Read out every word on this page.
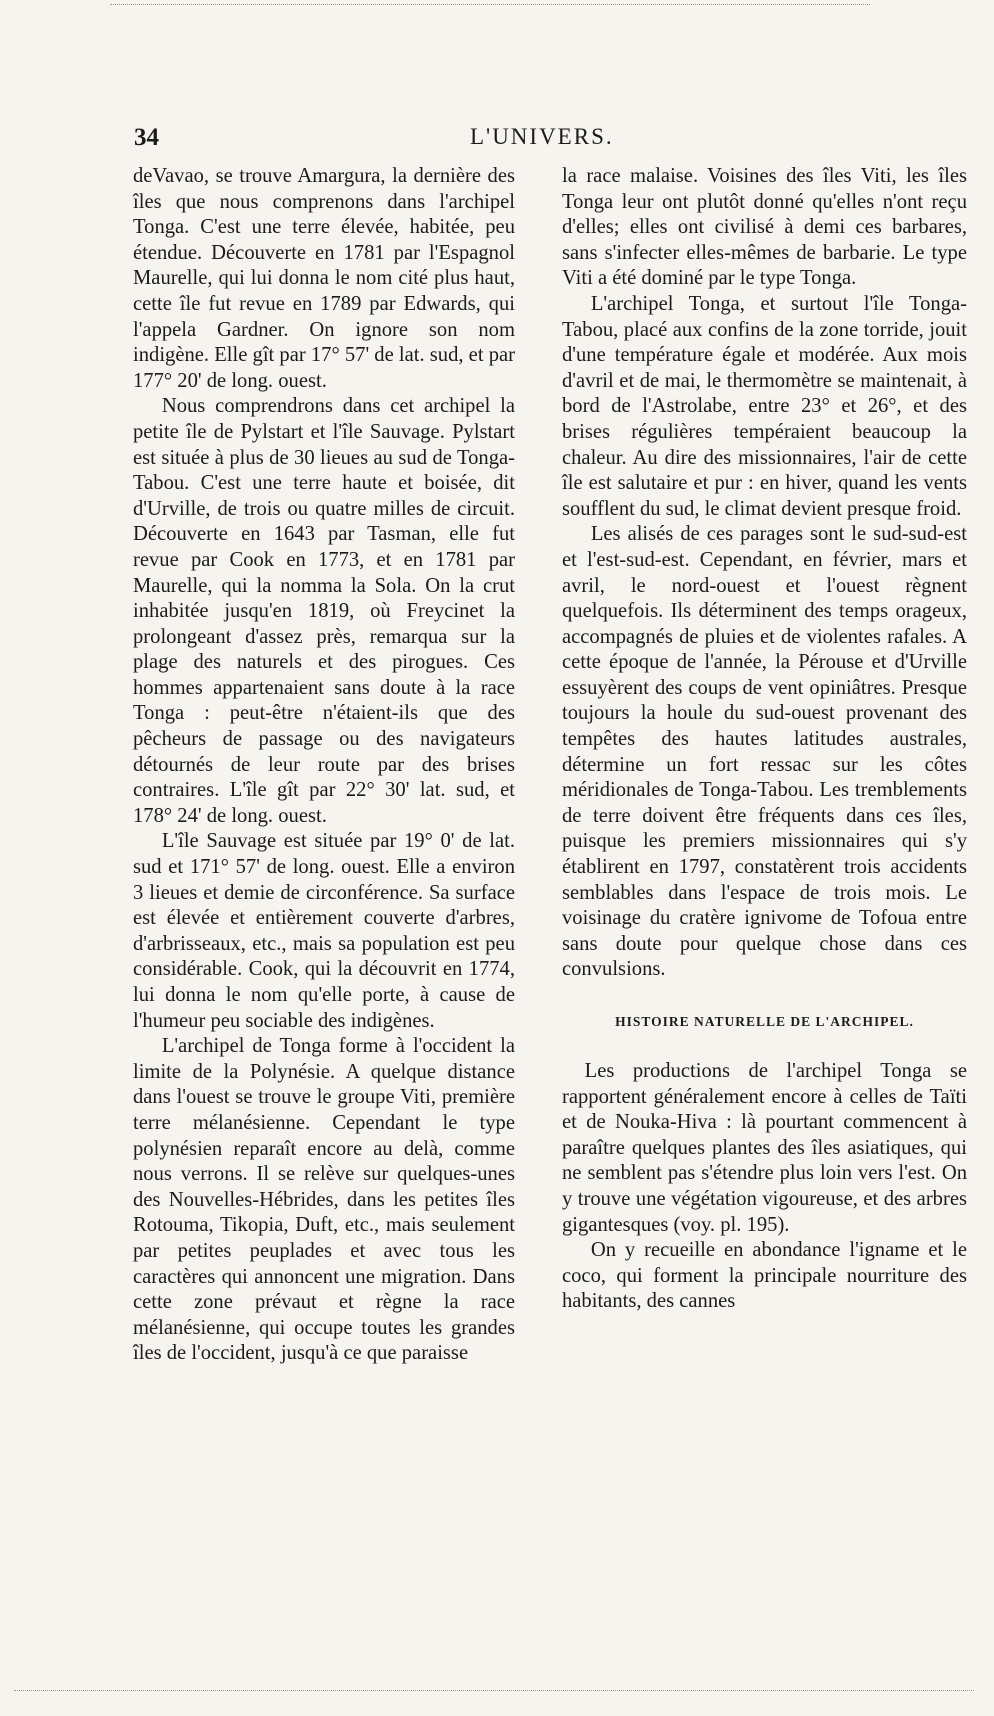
34	L'UNIVERS.

deVavao, se trouve Amargura, la dernière des îles que nous comprenons dans l'archipel Tonga. C'est une terre élevée, habitée, peu étendue. Découverte en 1781 par l'Espagnol Maurelle, qui lui donna le nom cité plus haut, cette île fut revue en 1789 par Edwards, qui l'appela Gardner. On ignore son nom indigène. Elle gît par 17° 57' de lat. sud, et par 177° 20' de long. ouest.

Nous comprendrons dans cet archipel la petite île de Pylstart et l'île Sauvage. Pylstart est située à plus de 30 lieues au sud de Tonga-Tabou. C'est une terre haute et boisée, dit d'Urville, de trois ou quatre milles de circuit. Découverte en 1643 par Tasman, elle fut revue par Cook en 1773, et en 1781 par Maurelle, qui la nomma la Sola. On la crut inhabitée jusqu'en 1819, où Freycinet la prolongeant d'assez près, remarqua sur la plage des naturels et des pirogues. Ces hommes appartenaient sans doute à la race Tonga : peut-être n'étaient-ils que des pêcheurs de passage ou des navigateurs détournés de leur route par des brises contraires. L'île gît par 22° 30' lat. sud, et 178° 24' de long. ouest.

L'île Sauvage est située par 19° 0' de lat. sud et 171° 57' de long. ouest. Elle a environ 3 lieues et demie de circonférence. Sa surface est élevée et entièrement couverte d'arbres, d'arbrisseaux, etc., mais sa population est peu considérable. Cook, qui la découvrit en 1774, lui donna le nom qu'elle porte, à cause de l'humeur peu sociable des indigènes.

L'archipel de Tonga forme à l'occident la limite de la Polynésie. A quelque distance dans l'ouest se trouve le groupe Viti, première terre mélanésienne. Cependant le type polynésien reparaît encore au delà, comme nous verrons. Il se relève sur quelques-unes des Nouvelles-Hébrides, dans les petites îles Rotouma, Tikopia, Duft, etc., mais seulement par petites peuplades et avec tous les caractères qui annoncent une migration. Dans cette zone prévaut et règne la race mélanésienne, qui occupe toutes les grandes îles de l'occident, jusqu'à ce que paraisse

la race malaise. Voisines des îles Viti, les îles Tonga leur ont plutôt donné qu'elles n'ont reçu d'elles; elles ont civilisé à demi ces barbares, sans s'infecter elles-mêmes de barbarie. Le type Viti a été dominé par le type Tonga.

L'archipel Tonga, et surtout l'île Tonga-Tabou, placé aux confins de la zone torride, jouit d'une température égale et modérée. Aux mois d'avril et de mai, le thermomètre se maintenait, à bord de l'Astrolabe, entre 23° et 26°, et des brises régulières tempéraient beaucoup la chaleur. Au dire des missionnaires, l'air de cette île est salutaire et pur : en hiver, quand les vents soufflent du sud, le climat devient presque froid.

Les alisés de ces parages sont le sud-sud-est et l'est-sud-est. Cependant, en février, mars et avril, le nord-ouest et l'ouest règnent quelquefois. Ils déterminent des temps orageux, accompagnés de pluies et de violentes rafales. A cette époque de l'année, la Pérouse et d'Urville essuyèrent des coups de vent opiniâtres. Presque toujours la houle du sud-ouest provenant des tempêtes des hautes latitudes australes, détermine un fort ressac sur les côtes méridionales de Tonga-Tabou. Les tremblements de terre doivent être fréquents dans ces îles, puisque les premiers missionnaires qui s'y établirent en 1797, constatèrent trois accidents semblables dans l'espace de trois mois. Le voisinage du cratère ignivome de Tofoua entre sans doute pour quelque chose dans ces convulsions.

HISTOIRE NATURELLE DE L'ARCHIPEL.

Les productions de l'archipel Tonga se rapportent généralement encore à celles de Taïti et de Nouka-Hiva : là pourtant commencent à paraître quelques plantes des îles asiatiques, qui ne semblent pas s'étendre plus loin vers l'est. On y trouve une végétation vigoureuse, et des arbres gigantesques (voy. pl. 195).

On y recueille en abondance l'igname et le coco, qui forment la principale nourriture des habitants, des cannes
